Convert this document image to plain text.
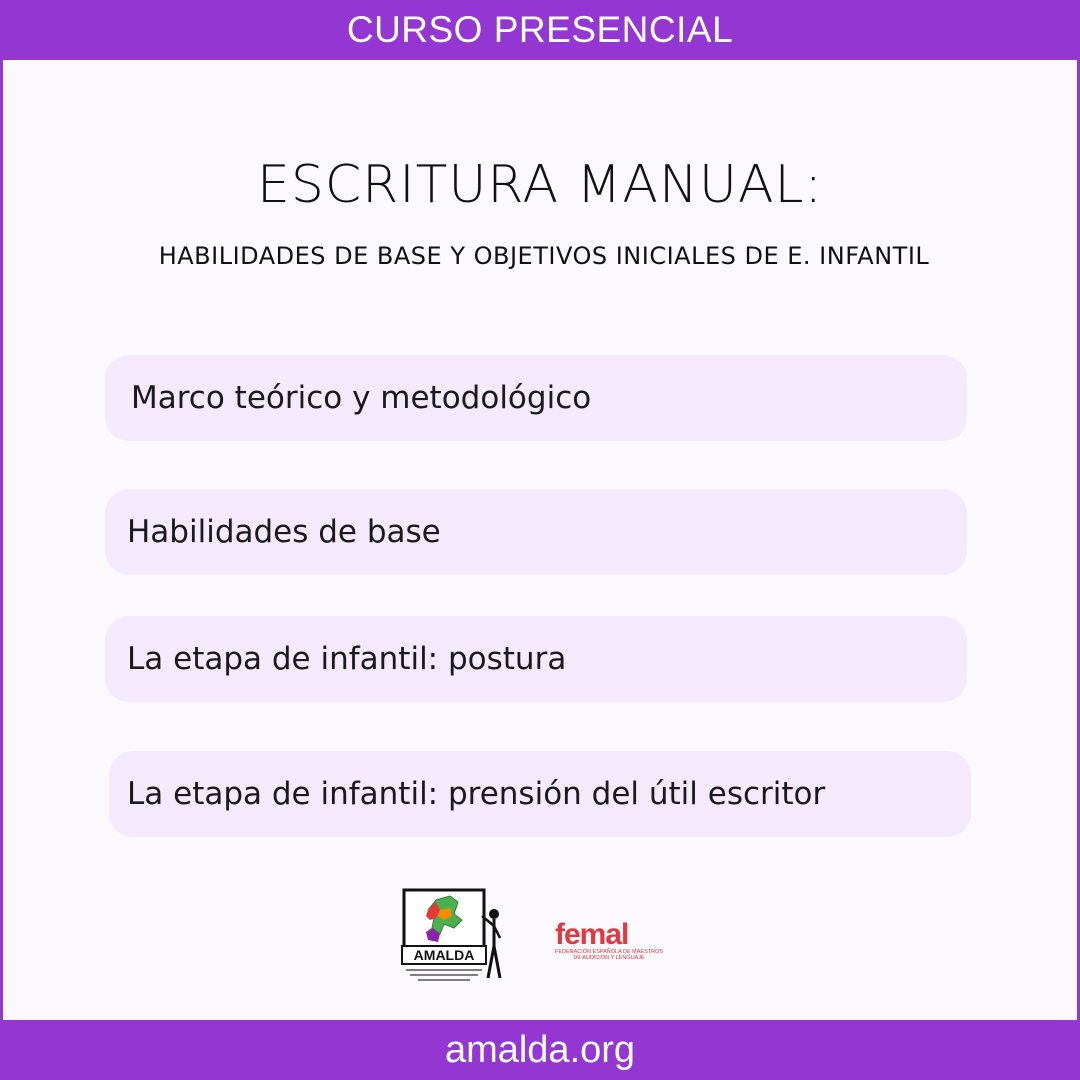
CURSO PRESENCIAL
ESCRITURA MANUAL:
HABILIDADES DE BASE Y OBJETIVOS INICIALES DE E. INFANTIL
Marco teórico y metodológico
Habilidades de base
La etapa de infantil: postura
La etapa de infantil: prensión del útil escritor
AMALDA
femal
FEDERACIÓN ESPAÑOLA DE MAESTROS
DE AUDICIÓN Y LENGUAJE
amalda.org
